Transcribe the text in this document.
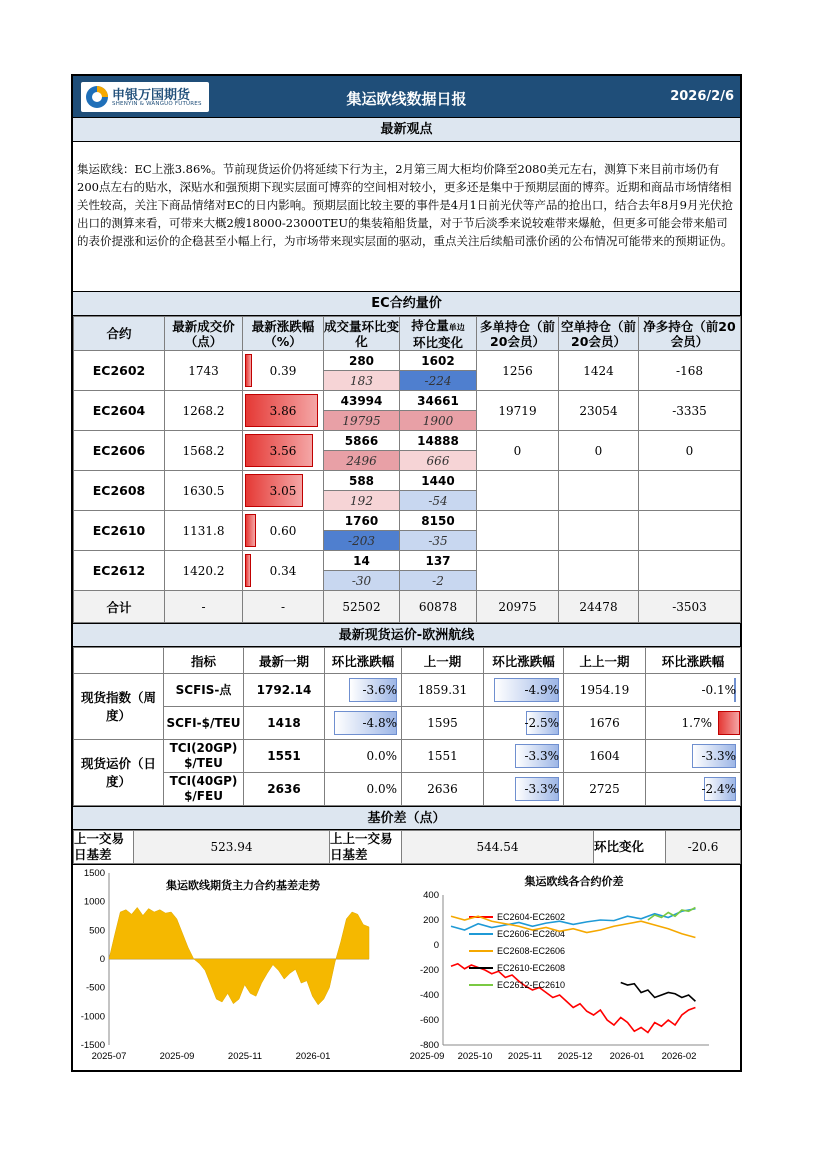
申银万国期货
SHENYIN & WANGUO FUTURES	集运欧线数据日报	2026/2/6
最新观点
集运欧线：EC上涨3.86%。节前现货运价仍将延续下行为主，2月第三周大柜均价降至2080美元左右，测算下来目前市场仍有200点左右的贴水，深贴水和强预期下现实层面可博弈的空间相对较小，更多还是集中于预期层面的博弈。近期和商品市场情绪相关性较高，关注下商品情绪对EC的日内影响。预期层面比较主要的事件是4月1日前光伏等产品的抢出口，结合去年8月9月光伏抢出口的测算来看，可带来大概2艘18000-23000TEU的集装箱船货量，对于节后淡季来说较难带来爆舱，但更多可能会带来船司的表价提涨和运价的企稳甚至小幅上行，为市场带来现实层面的驱动，重点关注后续船司涨价函的公布情况可能带来的预期证伪。
EC合约量价
合约	最新成交价（点）	最新涨跌幅（%）	成交量环比变化	持仓量单边
环比变化	多单持仓（前20会员）	空单持仓（前20会员）	净多持仓（前20会员）
EC2602	1743	0.39	280	1602	1256	1424	-168
			183	-224			
EC2604	1268.2	3.86	43994	34661	19719	23054	-3335
			19795	1900			
EC2606	1568.2	3.56	5866	14888	0	0	0
			2496	666			
EC2608	1630.5	3.05	588	1440			
			192	-54			
EC2610	1131.8	0.60	1760	8150			
			-203	-35			
EC2612	1420.2	0.34	14	137			
			-30	-2			
合计	-	-	52502	60878	20975	24478	-3503
最新现货运价-欧洲航线
	指标	最新一期	环比涨跌幅	上一期	环比涨跌幅	上上一期	环比涨跌幅
现货指数（周度）	SCFIS-点	1792.14	-3.6%	1859.31	-4.9%	1954.19	-0.1%

	SCFI-$/TEU	1418	-4.8%	1595	-2.5%	1676	1.7%

现货运价（日度）	TCI(20GP) $/TEU	1551	0.0%	1551	-3.3%	1604	-3.3%

	TCI(40GP) $/FEU	2636	0.0%	2636	-3.3%	2725	-2.4%
基价差（点）
上一交易日基差	523.94	上上一交易日基差	544.54	环比变化	-20.6
集运欧线期货主力合约基差走势
1500
1000
500
0
-500
-1000
-1500
2025-07	2025-09	2025-11	2026-01
集运欧线各合约价差
400
200
0
-200
-400
-600
-800
2025-09 2025-10 2025-11 2025-12 2026-01 2026-02
EC2604-EC2602
EC2606-EC2604
EC2608-EC2606
EC2610-EC2608
EC2612-EC2610
